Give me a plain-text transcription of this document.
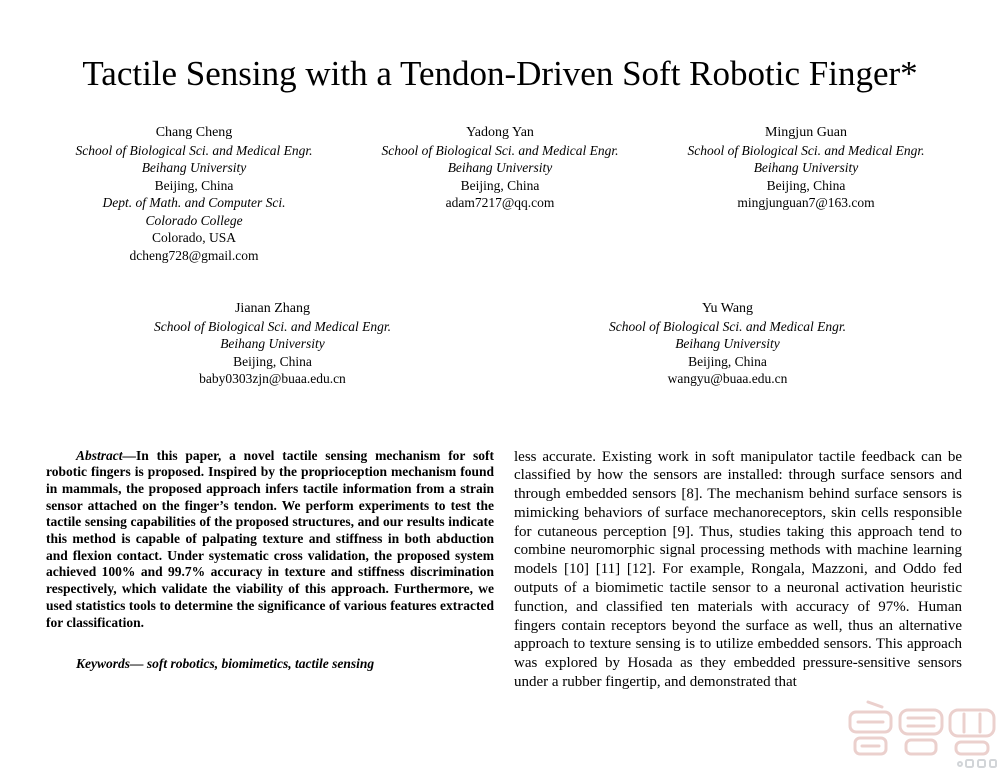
Tactile Sensing with a Tendon-Driven Soft Robotic Finger*
Chang Cheng
School of Biological Sci. and Medical Engr.
Beihang University
Beijing, China
Dept. of Math. and Computer Sci.
Colorado College
Colorado, USA
dcheng728@gmail.com
Yadong Yan
School of Biological Sci. and Medical Engr.
Beihang University
Beijing, China
adam7217@qq.com
Mingjun Guan
School of Biological Sci. and Medical Engr.
Beihang University
Beijing, China
mingjunguan7@163.com
Jianan Zhang
School of Biological Sci. and Medical Engr.
Beihang University
Beijing, China
baby0303zjn@buaa.edu.cn
Yu Wang
School of Biological Sci. and Medical Engr.
Beihang University
Beijing, China
wangyu@buaa.edu.cn

Abstract—In this paper, a novel tactile sensing mechanism for soft robotic fingers is proposed. Inspired by the proprioception mechanism found in mammals, the proposed approach infers tactile information from a strain sensor attached on the finger’s tendon. We perform experiments to test the tactile sensing capabilities of the proposed structures, and our results indicate this method is capable of palpating texture and stiffness in both abduction and flexion contact. Under systematic cross validation, the proposed system achieved 100% and 99.7% accuracy in texture and stiffness discrimination respectively, which validate the viability of this approach. Furthermore, we used statistics tools to determine the significance of various features extracted for classification.

Keywords— soft robotics, biomimetics, tactile sensing

less accurate. Existing work in soft manipulator tactile feedback can be classified by how the sensors are installed: through surface sensors and through embedded sensors [8]. The mechanism behind surface sensors is mimicking behaviors of surface mechanoreceptors, skin cells responsible for cutaneous perception [9]. Thus, studies taking this approach tend to combine neuromorphic signal processing methods with machine learning models [10] [11] [12]. For example, Rongala, Mazzoni, and Oddo fed outputs of a biomimetic tactile sensor to a neuronal activation heuristic function, and classified ten materials with accuracy of 97%. Human fingers contain receptors beyond the surface as well, thus an alternative approach to texture sensing is to utilize embedded sensors. This approach was explored by Hosada as they embedded pressure-sensitive sensors under a rubber fingertip, and demonstrated that
